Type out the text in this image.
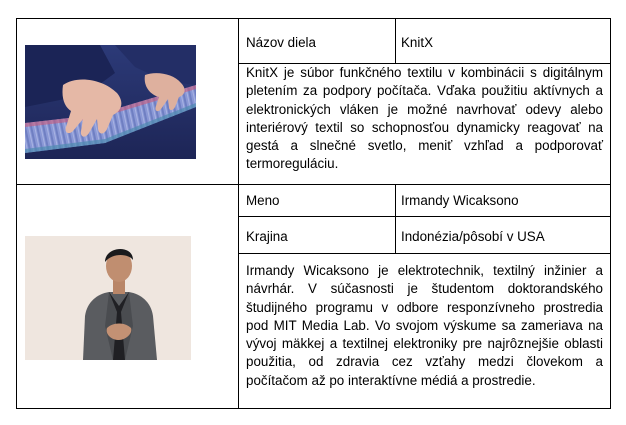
Názov diela	KnitX
KnitX je súbor funkčného textilu v kombinácii s digitálnym pletením za podpory počítača. Vďaka použitiu aktívnych a elektronických vláken je možné navrhovať odevy alebo interiérový textil so schopnosťou dynamicky reagovať na gestá a slnečné svetlo, meniť vzhľad a podporovať termoreguláciu.
Meno	Irmandy Wicaksono
Krajina	Indonézia/pôsobí v USA
Irmandy Wicaksono je elektrotechnik, textilný inžinier a návrhár. V súčasnosti je študentom doktorandského študijného programu v odbore responzívneho prostredia pod MIT Media Lab. Vo svojom výskume sa zameriava na vývoj mäkkej a textilnej elektroniky pre najrôznejšie oblasti použitia, od zdravia cez vzťahy medzi človekom a počítačom až po interaktívne médiá a prostredie.
